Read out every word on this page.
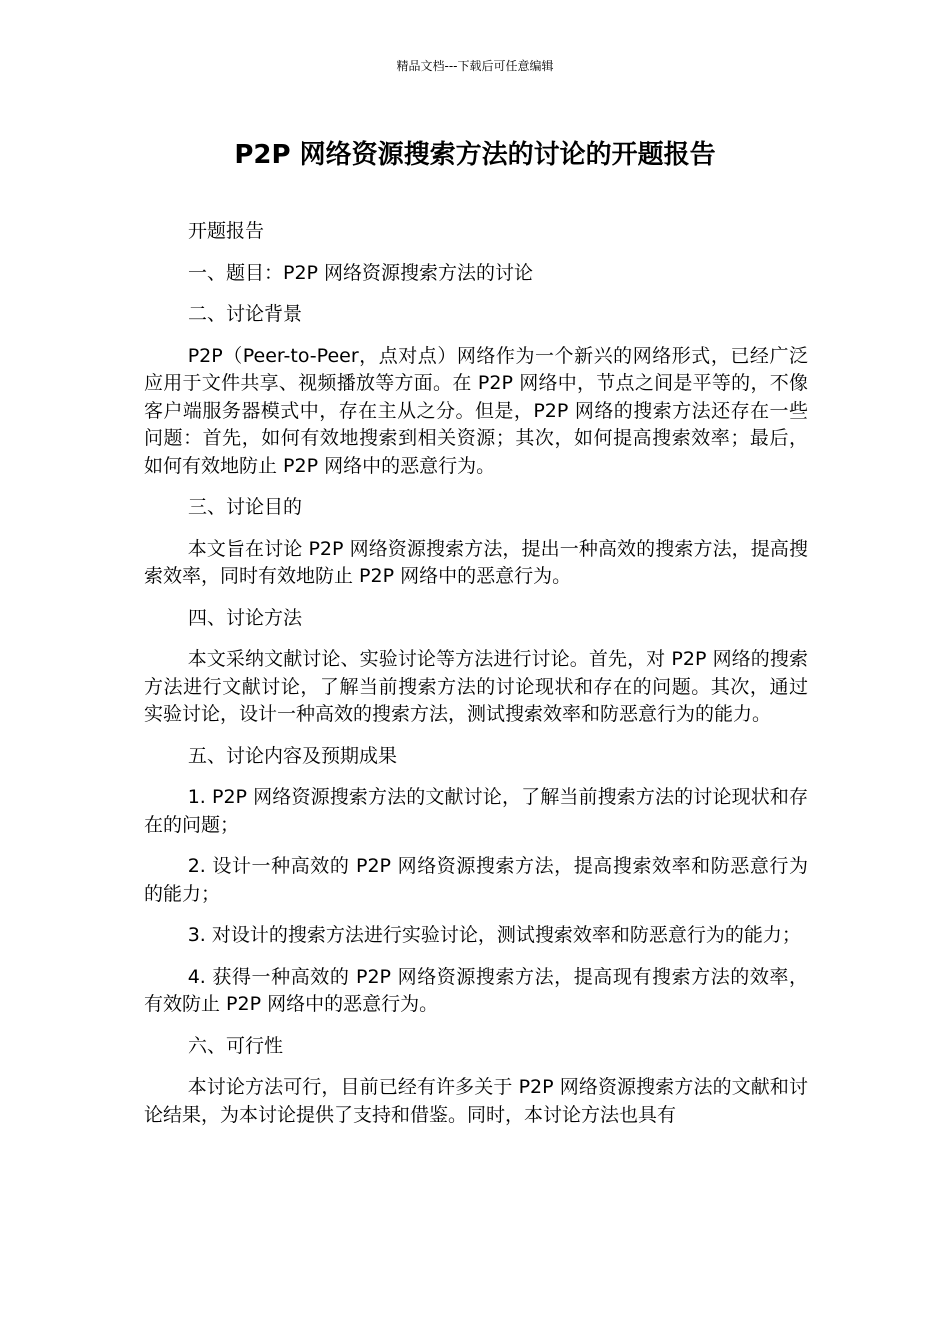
精品文档---下载后可任意编辑
P2P 网络资源搜索方法的讨论的开题报告

开题报告

一、题目：P2P 网络资源搜索方法的讨论

二、讨论背景

P2P（Peer-to-Peer，点对点）网络作为一个新兴的网络形式，已经广泛应用于文件共享、视频播放等方面。在 P2P 网络中，节点之间是平等的，不像客户端服务器模式中，存在主从之分。但是，P2P 网络的搜索方法还存在一些问题：首先，如何有效地搜索到相关资源；其次，如何提高搜索效率；最后，如何有效地防止 P2P 网络中的恶意行为。

三、讨论目的

本文旨在讨论 P2P 网络资源搜索方法，提出一种高效的搜索方法，提高搜索效率，同时有效地防止 P2P 网络中的恶意行为。

四、讨论方法

本文采纳文献讨论、实验讨论等方法进行讨论。首先，对 P2P 网络的搜索方法进行文献讨论，了解当前搜索方法的讨论现状和存在的问题。其次，通过实验讨论，设计一种高效的搜索方法，测试搜索效率和防恶意行为的能力。

五、讨论内容及预期成果

1. P2P 网络资源搜索方法的文献讨论，了解当前搜索方法的讨论现状和存在的问题；

2. 设计一种高效的 P2P 网络资源搜索方法，提高搜索效率和防恶意行为的能力；

3. 对设计的搜索方法进行实验讨论，测试搜索效率和防恶意行为的能力；

4. 获得一种高效的 P2P 网络资源搜索方法，提高现有搜索方法的效率，有效防止 P2P 网络中的恶意行为。

六、可行性

本讨论方法可行，目前已经有许多关于 P2P 网络资源搜索方法的文献和讨论结果，为本讨论提供了支持和借鉴。同时，本讨论方法也具有
